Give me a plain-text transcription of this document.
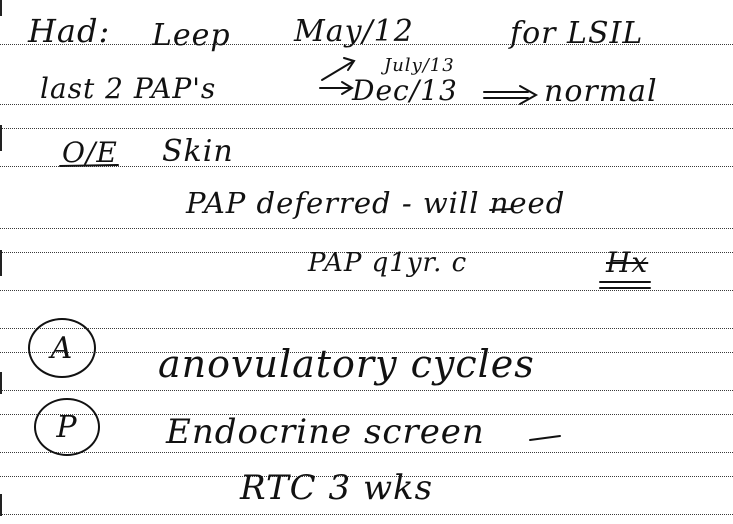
Had: Leep May/12	for LSIL
last 2 PAP's
July/13
Dec/13	normal
O/E Skin
PAP deferred - will need
PAP q1yr. c	Hx
A anovulatory cycles
P	Endocrine screen
RTC 3 wks
